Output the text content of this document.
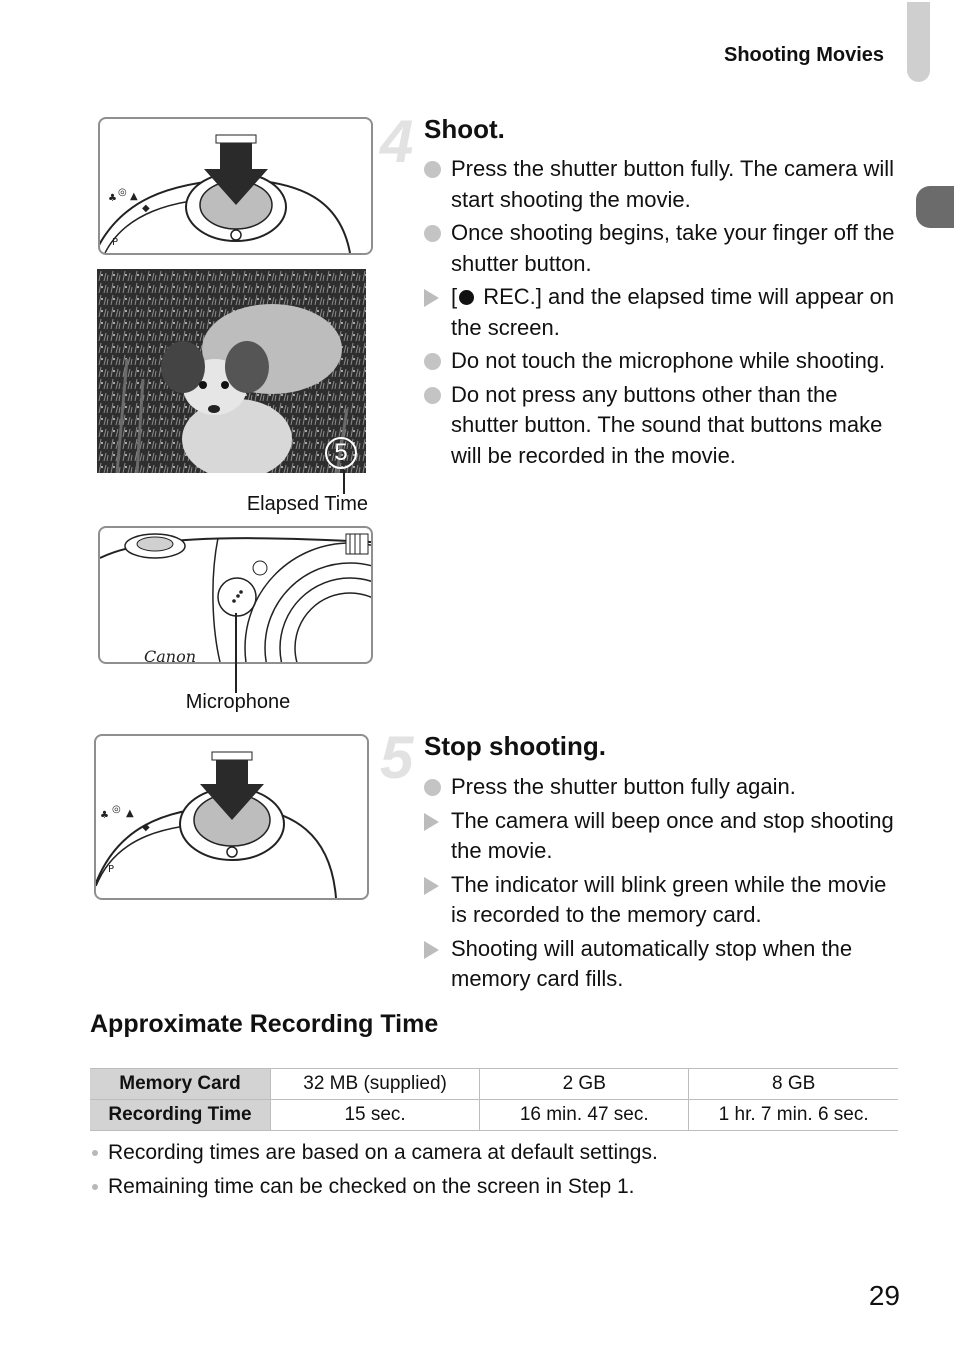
Shooting Movies
♣
◎ ▲
◆
P
5
Elapsed Time
Canon
Microphone
4 Shoot.
Press the shutter button fully. The camera will start shooting the movie.
Once shooting begins, take your finger off the shutter button.
[ REC.] and the elapsed time will appear on the screen.
Do not touch the microphone while shooting.
Do not press any buttons other than the shutter button. The sound that buttons make will be recorded in the movie.
♣
◎ ▲
◆
P
5 Stop shooting.
Press the shutter button fully again.
The camera will beep once and stop shooting the movie.
The indicator will blink green while the movie is recorded to the memory card.
Shooting will automatically stop when the memory card fills.
Approximate Recording Time
Memory Card	32 MB (supplied)	2 GB	8 GB
Recording Time	15 sec.	16 min. 47 sec.	1 hr. 7 min. 6 sec.
Recording times are based on a camera at default settings.
Remaining time can be checked on the screen in Step 1.
29
